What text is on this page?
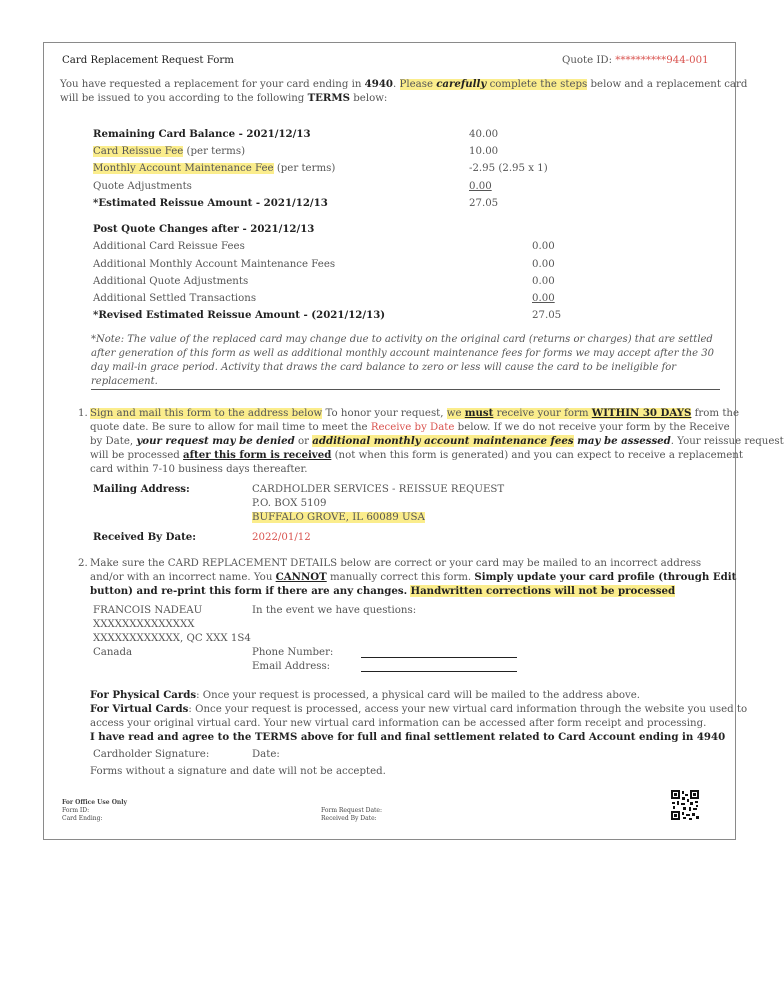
Card Replacement Request Form	Quote ID: **********944-001
You have requested a replacement for your card ending in 4940. Please carefully complete the steps below and a replacement card
will be issued to you according to the following TERMS below:
Remaining Card Balance - 2021/12/13	40.00
Card Reissue Fee (per terms)	10.00
Monthly Account Maintenance Fee (per terms)	-2.95 (2.95 x 1)
Quote Adjustments	0.00
*Estimated Reissue Amount - 2021/12/13	27.05
Post Quote Changes after - 2021/12/13
Additional Card Reissue Fees	0.00
Additional Monthly Account Maintenance Fees	0.00
Additional Quote Adjustments	0.00
Additional Settled Transactions	0.00
*Revised Estimated Reissue Amount - (2021/12/13)	27.05
*Note: The value of the replaced card may change due to activity on the original card (returns or charges) that are settled after generation of this form as well as additional monthly account maintenance fees for forms we may accept after the 30 day mail-in grace period. Activity that draws the card balance to zero or less will cause the card to be ineligible for replacement.
1. Sign and mail this form to the address below To honor your request, we must receive your form WITHIN 30 DAYS from the
quote date. Be sure to allow for mail time to meet the Receive by Date below. If we do not receive your form by the Receive
by Date, your request may be denied or additional monthly account maintenance fees may be assessed. Your reissue request
will be processed after this form is received (not when this form is generated) and you can expect to receive a replacement
card within 7-10 business days thereafter.
Mailing Address:	CARDHOLDER SERVICES - REISSUE REQUEST
P.O. BOX 5109
BUFFALO GROVE, IL 60089 USA
Received By Date:	2022/01/12
2. Make sure the CARD REPLACEMENT DETAILS below are correct or your card may be mailed to an incorrect address
and/or with an incorrect name. You CANNOT manually correct this form. Simply update your card profile (through Edit
button) and re-print this form if there are any changes. Handwritten corrections will not be processed
FRANCOIS NADEAU
XXXXXXXXXXXXXX
XXXXXXXXXXXX, QC XXX 1S4
Canada
In the event we have questions:
Phone Number:
Email Address:
For Physical Cards: Once your request is processed, a physical card will be mailed to the address above.
For Virtual Cards: Once your request is processed, access your new virtual card information through the website you used to
access your original virtual card. Your new virtual card information can be accessed after form receipt and processing.
I have read and agree to the TERMS above for full and final settlement related to Card Account ending in 4940
Cardholder Signature:	Date:
Forms without a signature and date will not be accepted.
For Office Use Only
Form ID:
Card Ending:
Form Request Date:
Received By Date:
